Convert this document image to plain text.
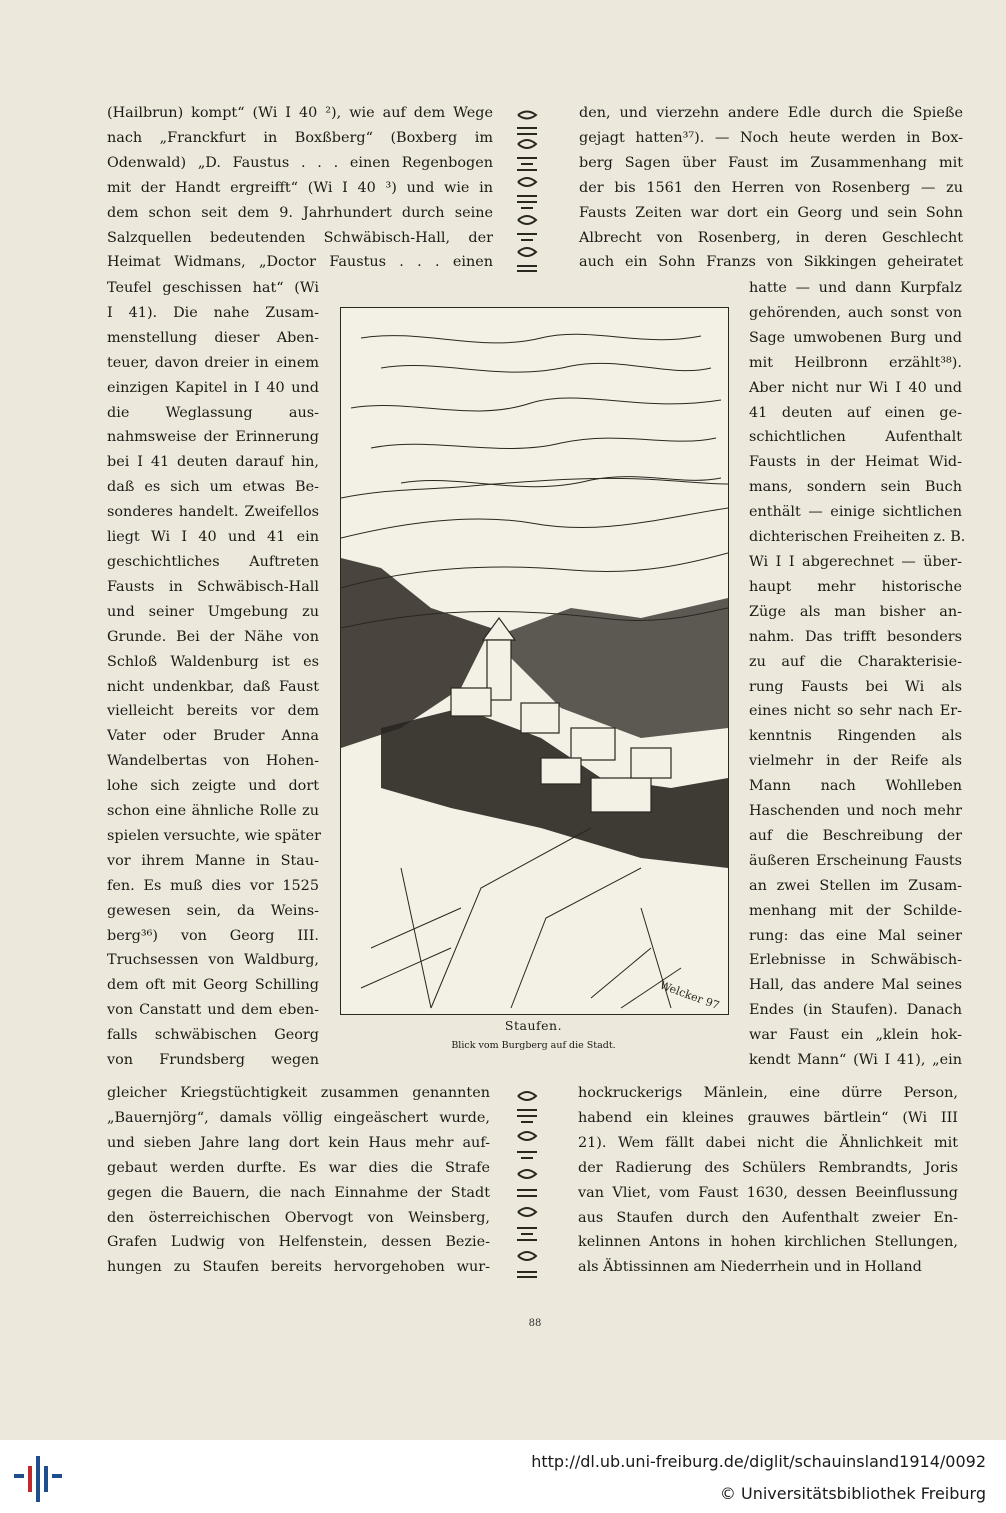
(Hailbrun) kompt“ (Wi I 40 ²), wie auf dem Wege

nach „Franckfurt in Boxßberg“ (Boxberg im

Odenwald) „D. Faustus . . . einen Regenbogen

mit der Handt ergreifft“ (Wi I 40 ³) und wie in

dem schon seit dem 9. Jahrhundert durch seine

Salzquellen bedeutenden Schwäbisch-Hall, der

Heimat Widmans, „Doctor Faustus . . . einen

den, und vierzehn andere Edle durch die Spieße

gejagt hatten³⁷). — Noch heute werden in Box-

berg Sagen über Faust im Zusammenhang mit

der bis 1561 den Herren von Rosenberg — zu

Fausts Zeiten war dort ein Georg und sein Sohn

Albrecht von Rosenberg, in deren Geschlecht

auch ein Sohn Franzs von Sikkingen geheiratet

Teufel geschissen hat“ (Wi

I 41). Die nahe Zusam-

menstellung dieser Aben-

teuer, davon dreier in einem

einzigen Kapitel in I 40 und

die Weglassung aus-

nahmsweise der Erinnerung

bei I 41 deuten darauf hin,

daß es sich um etwas Be-

sonderes handelt. Zweifellos

liegt Wi I 40 und 41 ein

geschichtliches Auftreten

Fausts in Schwäbisch-Hall

und seiner Umgebung zu

Grunde. Bei der Nähe von

Schloß Waldenburg ist es

nicht undenkbar, daß Faust

vielleicht bereits vor dem

Vater oder Bruder Anna

Wandelbertas von Hohen-

lohe sich zeigte und dort

schon eine ähnliche Rolle zu

spielen versuchte, wie später

vor ihrem Manne in Stau-

fen. Es muß dies vor 1525

gewesen sein, da Weins-

berg³⁶) von Georg III.

Truchsessen von Waldburg,

dem oft mit Georg Schilling

von Canstatt und dem eben-

falls schwäbischen Georg

von Frundsberg wegen

hatte — und dann Kurpfalz

gehörenden, auch sonst von

Sage umwobenen Burg und

mit Heilbronn erzählt³⁸).

Aber nicht nur Wi I 40 und

41 deuten auf einen ge-

schichtlichen Aufenthalt

Fausts in der Heimat Wid-

mans, sondern sein Buch

enthält — einige sichtlichen

dichterischen Freiheiten z. B.

Wi I I abgerechnet — über-

haupt mehr historische

Züge als man bisher an-

nahm. Das trifft besonders

zu auf die Charakterisie-

rung Fausts bei Wi als

eines nicht so sehr nach Er-

kenntnis Ringenden als

vielmehr in der Reife als

Mann nach Wohlleben

Haschenden und noch mehr

auf die Beschreibung der

äußeren Erscheinung Fausts

an zwei Stellen im Zusam-

menhang mit der Schilde-

rung: das eine Mal seiner

Erlebnisse in Schwäbisch-

Hall, das andere Mal seines

Endes (in Staufen). Danach

war Faust ein „klein hok-

kendt Mann“ (Wi I 41), „ein

Welcker 97
Staufen.
Blick vom Burgberg auf die Stadt.

gleicher Kriegstüchtigkeit zusammen genannten

„Bauernjörg“, damals völlig eingeäschert wurde,

und sieben Jahre lang dort kein Haus mehr auf-

gebaut werden durfte. Es war dies die Strafe

gegen die Bauern, die nach Einnahme der Stadt

den österreichischen Obervogt von Weinsberg,

Grafen Ludwig von Helfenstein, dessen Bezie-

hungen zu Staufen bereits hervorgehoben wur-

hockruckerigs Mänlein, eine dürre Person,

habend ein kleines grauwes bärtlein“ (Wi III

21). Wem fällt dabei nicht die Ähnlichkeit mit

der Radierung des Schülers Rembrandts, Joris

van Vliet, vom Faust 1630, dessen Beeinflussung

aus Staufen durch den Aufenthalt zweier En-

kelinnen Antons in hohen kirchlichen Stellungen,

als Äbtissinnen am Niederrhein und in Holland

88
http://dl.ub.uni-freiburg.de/diglit/schauinsland1914/0092
© Universitätsbibliothek Freiburg
